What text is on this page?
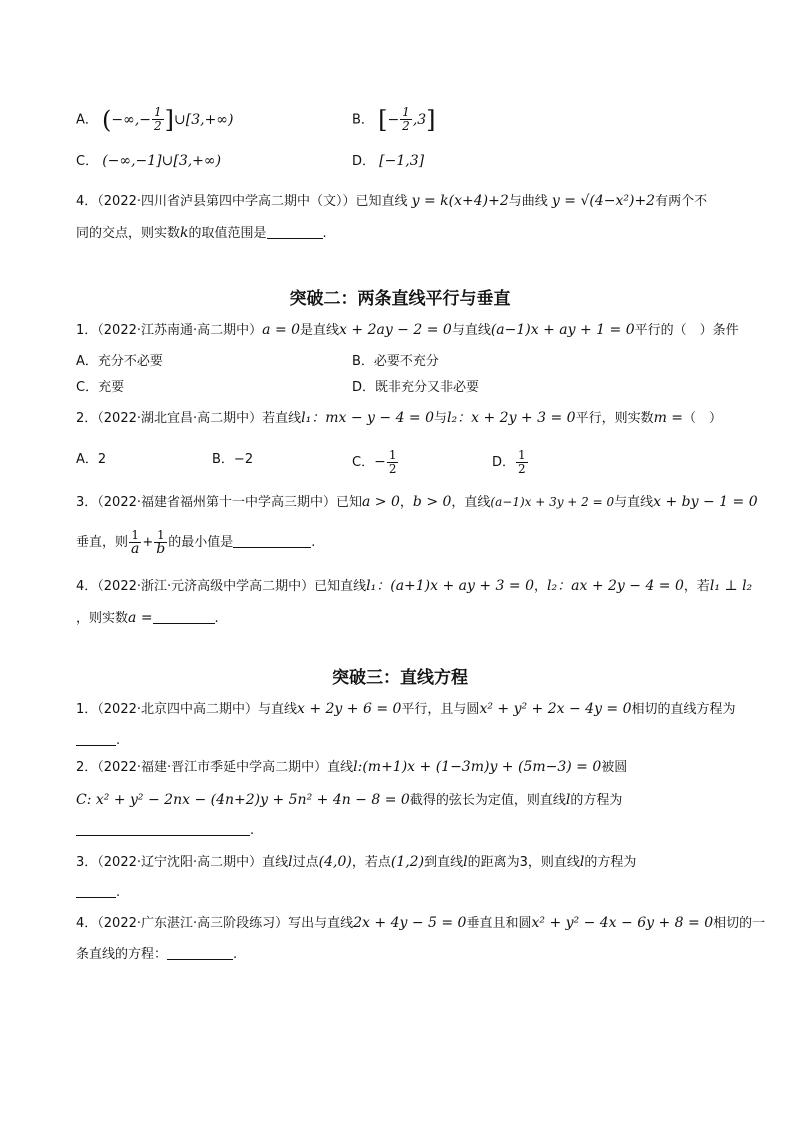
A． (−∞,− $\frac{1}{2}$ ]∪[3,+∞)	B． [− $\frac{1}{2} ,3$]
C． (−∞,−1]∪[3,+∞)	D． [−1,3]
4．（2022·四川省泸县第四中学高二期中（文））已知直线 y = k(x+4)+2与曲线 y = √(4−x²)+2有两个不
同的交点，则实数k的取值范围是	.
突破二：两条直线平行与垂直
1．（2022·江苏南通·高二期中）a = 0是直线x + 2ay − 2 = 0与直线(a−1)x + ay + 1 = 0平行的（　）条件
A．充分不必要	B．必要不充分
C．充要	D．既非充分又非必要
2．（2022·湖北宜昌·高二期中）若直线l₁：mx − y − 4 = 0与l₂：x + 2y + 3 = 0平行，则实数m =（　）
A．2	B．−2	C．− $\frac{1}{2}$	D． $\frac{1}{2}$
3．（2022·福建省福州第十一中学高三期中）已知a > 0，b > 0，直线(a−1)x + 3y + 2 = 0与直线x + by − 1 = 0
垂直，则 $\frac{1}{a} + \frac{1}{b}$ 的最小值是	.
4．（2022·浙江·元济高级中学高二期中）已知直线l₁：(a+1)x + ay + 3 = 0，l₂：ax + 2y − 4 = 0，若l₁ ⊥ l₂
，则实数a =	.
突破三：直线方程
1．（2022·北京四中高二期中）与直线x + 2y + 6 = 0平行，且与圆x² + y² + 2x − 4y = 0相切的直线方程为
.
2．（2022·福建·晋江市季延中学高二期中）直线l:(m+1)x + (1−3m)y + (5m−3) = 0被圆
C: x² + y² − 2nx − (4n+2)y + 5n² + 4n − 8 = 0截得的弦长为定值，则直线l的方程为
.
3．（2022·辽宁沈阳·高二期中）直线l过点(4,0)，若点(1,2)到直线l的距离为3，则直线l的方程为
.
4．（2022·广东湛江·高三阶段练习）写出与直线2x + 4y − 5 = 0垂直且和圆x² + y² − 4x − 6y + 8 = 0相切的一
条直线的方程：	.
